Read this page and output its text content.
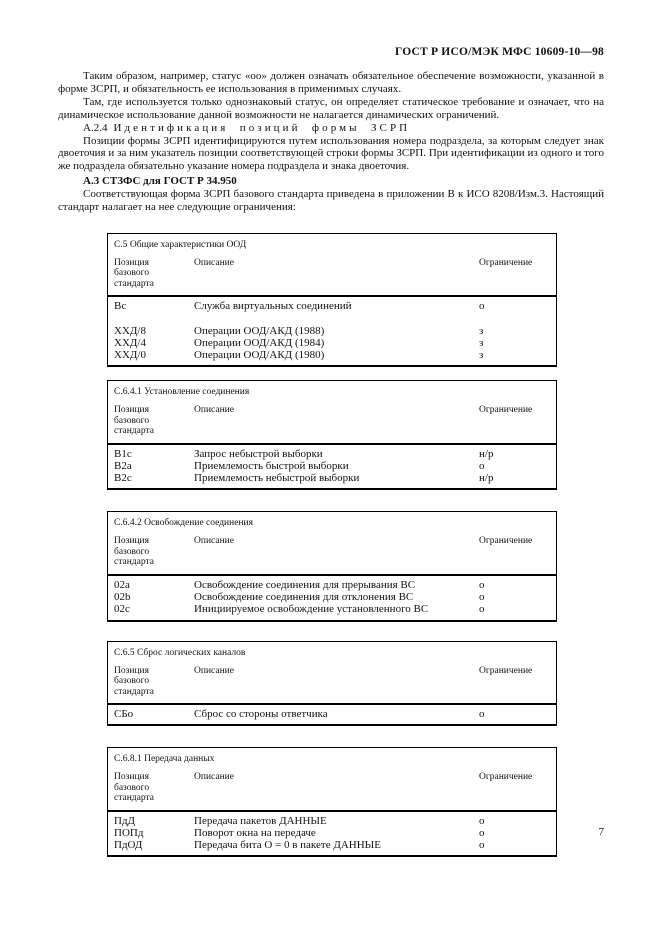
ГОСТ Р ИСО/МЭК МФС 10609-10—98

Таким образом, например, статус «оо» должен означать обязательное обеспечение возможности, указанной в форме ЗСРП, и обязательность ее использования в применимых случаях.

Там, где используется только однознаковый статус, он определяет статическое требование и означает, что на динамическое использование данной возможности не налагается динамических ограничений.

А.2.4 Идентификация позиций формы ЗСРП

Позиции формы ЗСРП идентифицируются путем использования номера подраздела, за которым следует знак двоеточия и за ним указатель позиции соответствующей строки формы ЗСРП. При идентификации из одного и того же подраздела обязательно указание номера подраздела и знака двоеточия.

А.3 СТЗФС для ГОСТ Р 34.950

Соответствующая форма ЗСРП базового стандарта приведена в приложении В к ИСО 8208/Изм.3. Настоящий стандарт налагает на нее следующие ограничения:

С.5 Общие характеристики ООД
Позиция базового стандарта
Описание	Ограничение
Вс	Служба виртуальных соединений	о
ХХД/8	Операции ООД/АКД (1988)	з
ХХД/4	Операции ООД/АКД (1984)	з
ХХД/0	Операции ООД/АКД (1980)	з
С.6.4.1 Установление соединения
Позиция базового стандарта
Описание	Ограничение
В1с	Запрос небыстрой выборки	н/р
В2а	Приемлемость быстрой выборки	о
В2с	Приемлемость небыстрой выборки	н/р
С.6.4.2 Освобождение соединения
Позиция базового стандарта
Описание	Ограничение
02a	Освобождение соединения для прерывания ВС	о
02b	Освобождение соединения для отклонения ВС	о
02c	Инициируемое освобождение установленного ВС	о
С.6.5 Сброс логических каналов
Позиция базового стандарта
Описание	Ограничение
СБо	Сброс со стороны ответчика	о
С.6.8.1 Передача данных
Позиция базового стандарта
Описание	Ограничение
ПдД	Передача пакетов ДАННЫЕ	о
ПОПд	Поворот окна на передаче	о
ПдОД	Передача бита О = 0 в пакете ДАННЫЕ	о
7
